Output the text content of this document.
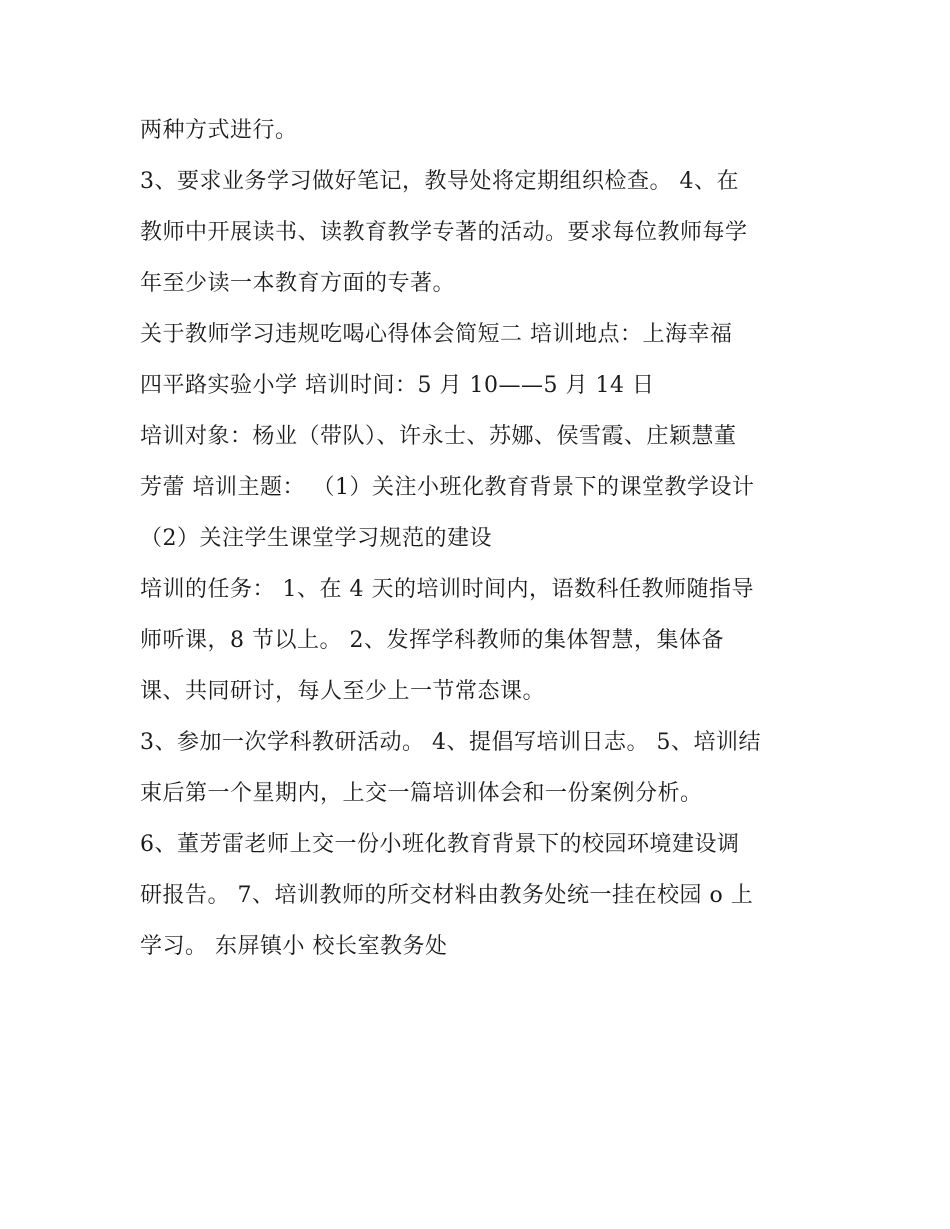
两种方式进行。
3、要求业务学习做好笔记，教导处将定期组织检查。 4、在
教师中开展读书、读教育教学专著的活动。要求每位教师每学
年至少读一本教育方面的专著。
关于教师学习违规吃喝心得体会简短二 培训地点：上海幸福
四平路实验小学 培训时间：5 月 10——5 月 14 日
培训对象：杨业（带队）、许永士、苏娜、侯雪霞、庄颖慧董
芳蕾 培训主题： （1）关注小班化教育背景下的课堂教学设计
（2）关注学生课堂学习规范的建设
培训的任务： 1、在 4 天的培训时间内，语数科任教师随指导
师听课，8 节以上。 2、发挥学科教师的集体智慧，集体备
课、共同研讨，每人至少上一节常态课。
3、参加一次学科教研活动。 4、提倡写培训日志。 5、培训结
束后第一个星期内，上交一篇培训体会和一份案例分析。
6、董芳雷老师上交一份小班化教育背景下的校园环境建设调
研报告。 7、培训教师的所交材料由教务处统一挂在校园 o 上
学习。 东屏镇小 校长室教务处
